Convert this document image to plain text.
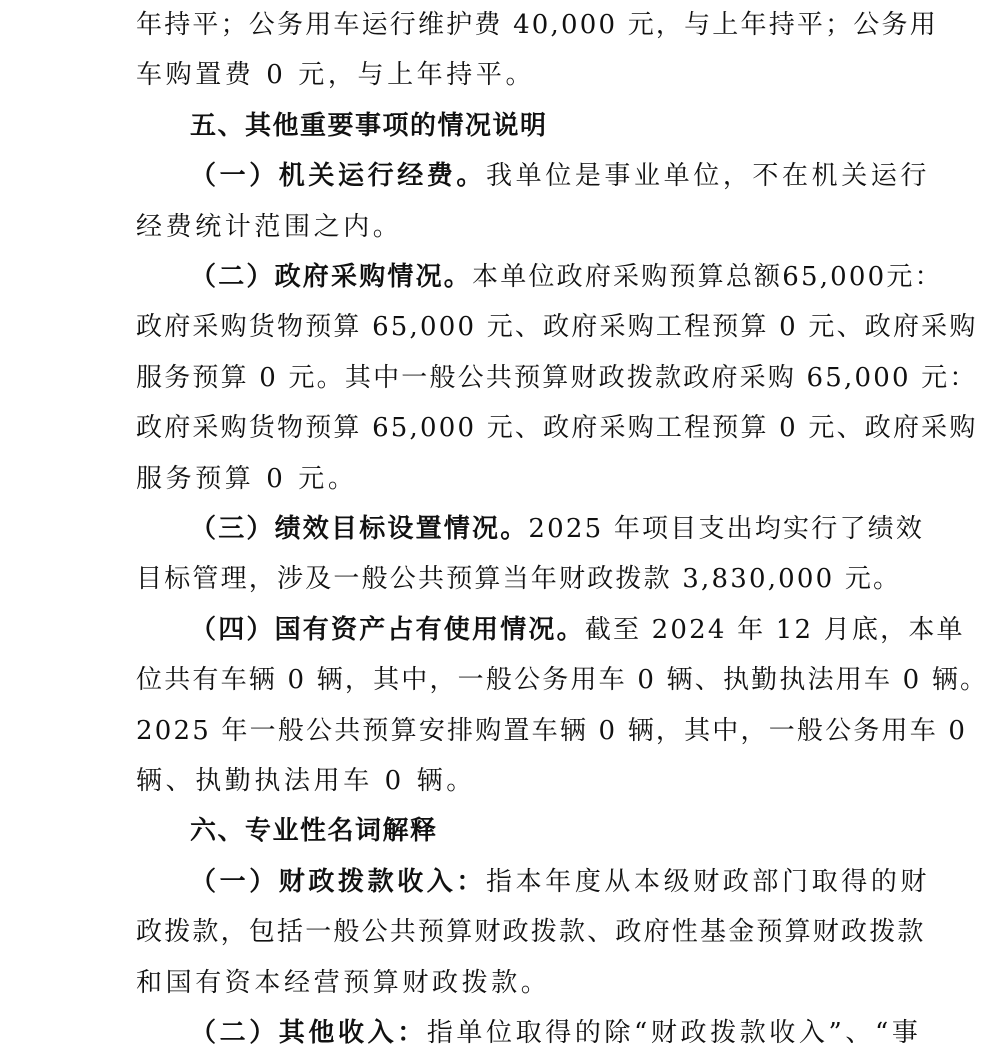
年持平；公务用车运行维护费 40,000 元，与上年持平；公务用
车购置费 0 元，与上年持平。
五、其他重要事项的情况说明
（一）机关运行经费。我单位是事业单位，不在机关运行
经费统计范围之内。
（二）政府采购情况。本单位政府采购预算总额65,000元：
政府采购货物预算 65,000 元、政府采购工程预算 0 元、政府采购
服务预算 0 元。其中一般公共预算财政拨款政府采购 65,000 元：
政府采购货物预算 65,000 元、政府采购工程预算 0 元、政府采购
服务预算 0 元。
（三）绩效目标设置情况。2025 年项目支出均实行了绩效
目标管理，涉及一般公共预算当年财政拨款 3,830,000 元。
（四）国有资产占有使用情况。截至 2024 年 12 月底，本单
位共有车辆 0 辆，其中，一般公务用车 0 辆、执勤执法用车 0 辆。
2025 年一般公共预算安排购置车辆 0 辆，其中，一般公务用车 0
辆、执勤执法用车 0 辆。
六、专业性名词解释
（一）财政拨款收入：指本年度从本级财政部门取得的财
政拨款，包括一般公共预算财政拨款、政府性基金预算财政拨款
和国有资本经营预算财政拨款。
（二）其他收入：指单位取得的除“财政拨款收入”、“事
